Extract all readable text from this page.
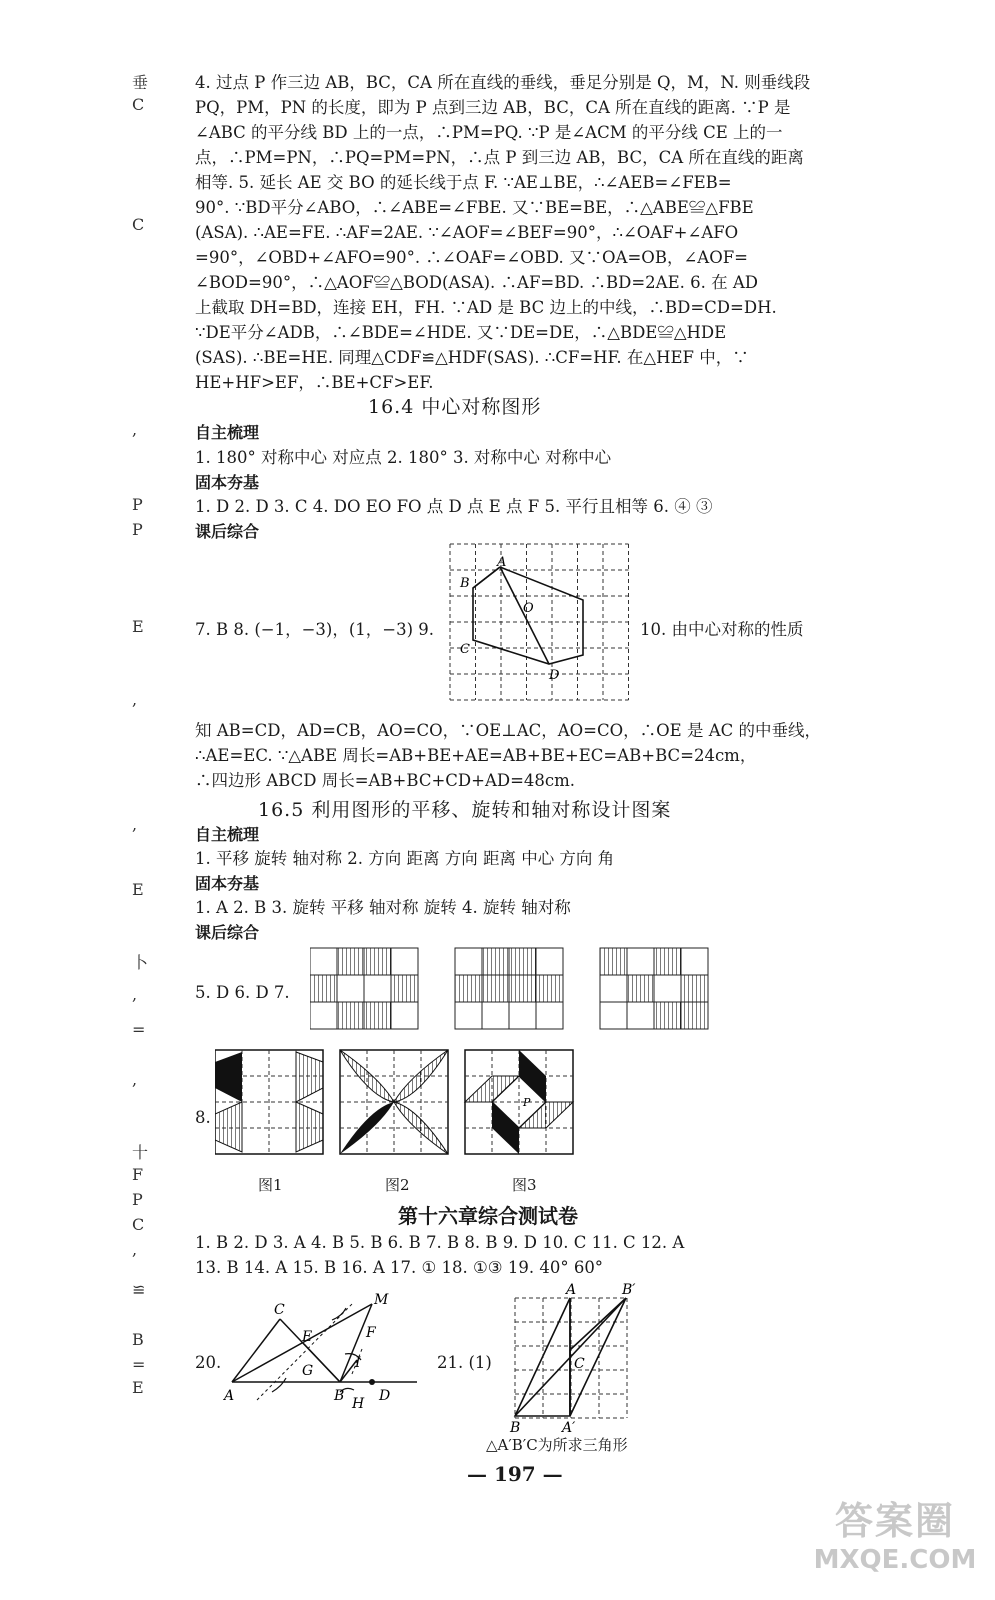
垂
C
C
,
P
P
E
,
,
E
卜
,
=
,
十
F
P
C
,
≌
B
=
E
4. 过点 P 作三边 AB，BC，CA 所在直线的垂线，垂足分别是 Q，M，N. 则垂线段
PQ，PM，PN 的长度，即为 P 点到三边 AB，BC，CA 所在直线的距离. ∵P 是
∠ABC 的平分线 BD 上的一点，∴PM=PQ. ∵P 是∠ACM 的平分线 CE 上的一
点，∴PM=PN，∴PQ=PM=PN，∴点 P 到三边 AB，BC，CA 所在直线的距离
相等. 5. 延长 AE 交 BO 的延长线于点 F. ∵AE⊥BE，∴∠AEB=∠FEB=
90°. ∵BD平分∠ABO，∴∠ABE=∠FBE. 又∵BE=BE，∴△ABE≌△FBE
(ASA). ∴AE=FE. ∴AF=2AE. ∵∠AOF=∠BEF=90°，∴∠OAF+∠AFO
=90°，∠OBD+∠AFO=90°. ∴∠OAF=∠OBD. 又∵OA=OB，∠AOF=
∠BOD=90°，∴△AOF≌△BOD(ASA). ∴AF=BD. ∴BD=2AE. 6. 在 AD
上截取 DH=BD，连接 EH，FH. ∵AD 是 BC 边上的中线，∴BD=CD=DH.
∵DE平分∠ADB，∴∠BDE=∠HDE. 又∵DE=DE，∴△BDE≌△HDE
(SAS). ∴BE=HE. 同理△CDF≌△HDF(SAS). ∴CF=HF. 在△HEF 中，∵
HE+HF>EF，∴BE+CF>EF.
16.4 中心对称图形
自主梳理
1. 180° 对称中心 对应点 2. 180° 3. 对称中心 对称中心
固本夯基
1. D 2. D 3. C 4. DO EO FO 点 D 点 E 点 F 5. 平行且相等 6. ④ ③
课后综合
7. B 8. (−1，−3)，(1，−3) 9.	10. 由中心对称的性质
A
B
O
C
D
知 AB=CD，AD=CB，AO=CO，∵OE⊥AC，AO=CO，∴OE 是 AC 的中垂线，
∴AE=EC. ∵△ABE 周长=AB+BE+AE=AB+BE+EC=AB+BC=24cm，
∴四边形 ABCD 周长=AB+BC+CD+AD=48cm.
16.5 利用图形的平移、旋转和轴对称设计图案
自主梳理
1. 平移 旋转 轴对称 2. 方向 距离 方向 距离 中心 方向 角
固本夯基
1. A 2. B 3. 旋转 平移 轴对称 旋转 4. 旋转 轴对称
课后综合
5. D 6. D 7.
8.
P
图1	图2	图3
第十六章综合测试卷
1. B 2. D 3. A 4. B 5. B 6. B 7. B 8. B 9. D 10. C 11. C 12. A
13. B 14. A 15. B 16. A 17. ① 18. ①③ 19. 40° 60°
20.
C
M
E	F
I
G
A	B H D
21. (1)
A	B′
C
B	A′
△A′B′C为所求三角形
— 197 —
答案圈
MXQE.COM
